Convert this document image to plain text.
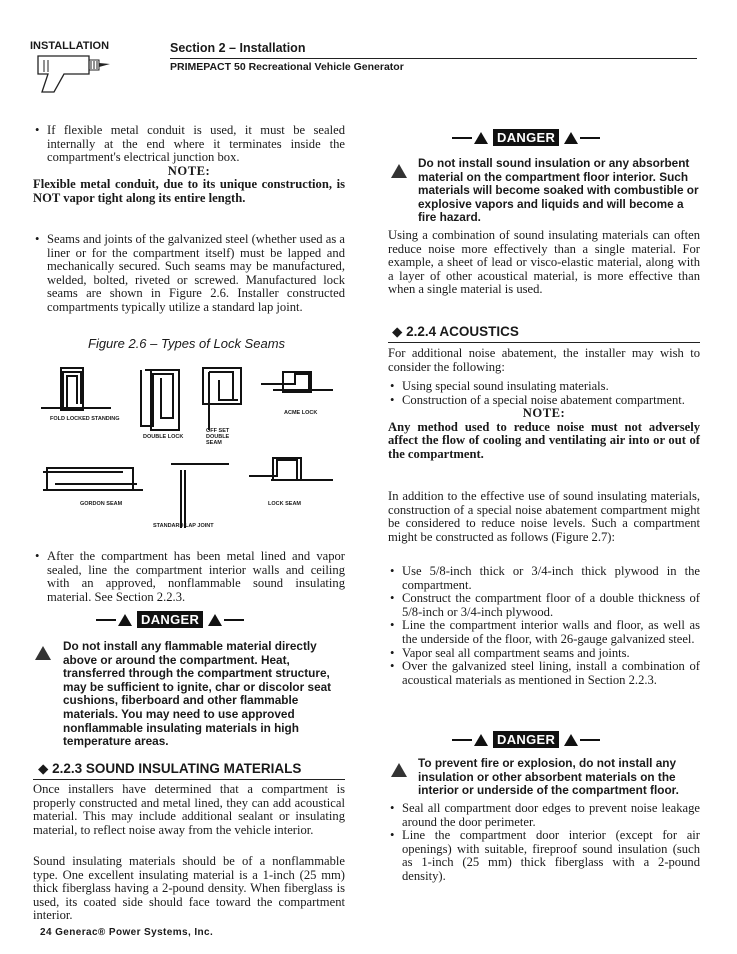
INSTALLATION	Section 2 – Installation
PRIMEPACT 50 Recreational Vehicle Generator
• If flexible metal conduit is used, it must be sealed internally at the end where it terminates inside the compartment's electrical junction box.
NOTE:
Flexible metal conduit, due to its unique construction, is NOT vapor tight along its entire length.
• Seams and joints of the galvanized steel (whether used as a liner or for the compartment itself) must be lapped and mechanically secured. Such seams may be manufactured, welded, bolted, riveted or screwed. Manufactured lock seams are shown in Figure 2.6. Installer constructed compartments typically utilize a standard lap joint.
Figure 2.6 – Types of Lock Seams
FOLD LOCKED STANDING
DOUBLE LOCK
OFF SET DOUBLE SEAM
ACME LOCK
GORDON SEAM	LOCK SEAM
STANDARD LAP JOINT
• After the compartment has been metal lined and vapor sealed, line the compartment interior walls and ceiling with an approved, nonflammable sound insulating material. See Section 2.2.3.
DANGER
Do not install any flammable material directly above or around the compartment. Heat, transferred through the compartment structure, may be sufficient to ignite, char or discolor seat cushions, fiberboard and other flammable materials. You may need to use approved nonflammable insulating materials in high temperature areas.
◆ 2.2.3 SOUND INSULATING MATERIALS

Once installers have determined that a compartment is properly constructed and metal lined, they can add acoustical material. This may include additional sealant or insulating material, to reflect noise away from the vehicle interior.

Sound insulating materials should be of a nonflammable type. One excellent insulating material is a 1-inch (25 mm) thick fiberglass having a 2-pound density. When fiberglass is used, its coated side should face toward the compartment interior.

DANGER
Do not install sound insulation or any absorbent material on the compartment floor interior. Such materials will become soaked with combustible or explosive vapors and liquids and will become a fire hazard.

Using a combination of sound insulating materials can often reduce noise more effectively than a single material. For example, a sheet of lead or visco-elastic material, along with a layer of other acoustical material, is more effective than when a single material is used.

◆ 2.2.4 ACOUSTICS

For additional noise abatement, the installer may wish to consider the following:

• Using special sound insulating materials.
• Construction of a special noise abatement compartment.
NOTE:
Any method used to reduce noise must not adversely affect the flow of cooling and ventilating air into or out of the compartment.

In addition to the effective use of sound insulating materials, construction of a special noise abatement compartment might be considered to reduce noise levels. Such a compartment might be constructed as follows (Figure 2.7):

• Use 5/8-inch thick or 3/4-inch thick plywood in the compartment.
• Construct the compartment floor of a double thickness of 5/8-inch or 3/4-inch plywood.
• Line the compartment interior walls and floor, as well as the underside of the floor, with 26-gauge galvanized steel.
• Vapor seal all compartment seams and joints.
• Over the galvanized steel lining, install a combination of acoustical materials as mentioned in Section 2.2.3.
DANGER
To prevent fire or explosion, do not install any insulation or other absorbent materials on the interior or underside of the compartment floor.
• Seal all compartment door edges to prevent noise leakage around the door perimeter.
• Line the compartment door interior (except for air openings) with suitable, fireproof sound insulation (such as 1-inch (25 mm) thick fiberglass with a 2-pound density).
24 Generac® Power Systems, Inc.
